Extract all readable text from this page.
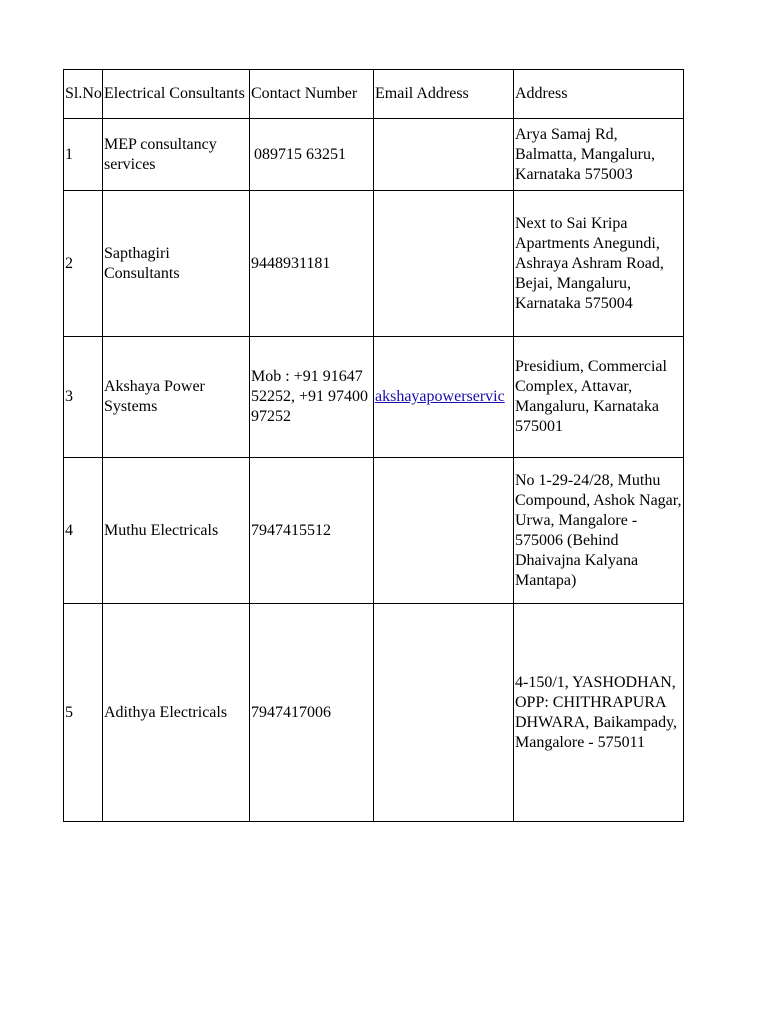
Sl.No	Electrical Consultants	Contact Number	Email Address	Address
1	MEP consultancy services	089715 63251		Arya Samaj Rd, Balmatta, Mangaluru, Karnataka 575003
2	Sapthagiri Consultants	9448931181		Next to Sai Kripa Apartments Anegundi, Ashraya Ashram Road, Bejai, Mangaluru, Karnataka 575004
3	Akshaya Power Systems	Mob : +91 91647 52252, +91 97400 97252	akshayapowerservic	Presidium, Commercial Complex, Attavar, Mangaluru, Karnataka 575001
4	Muthu Electricals	7947415512		No 1-29-24/28, Muthu Compound, Ashok Nagar, Urwa, Mangalore - 575006 (Behind Dhaivajna Kalyana Mantapa)
5	Adithya Electricals	7947417006		4-150/1, YASHODHAN, OPP: CHITHRAPURA DHWARA, Baikampady, Mangalore - 575011
